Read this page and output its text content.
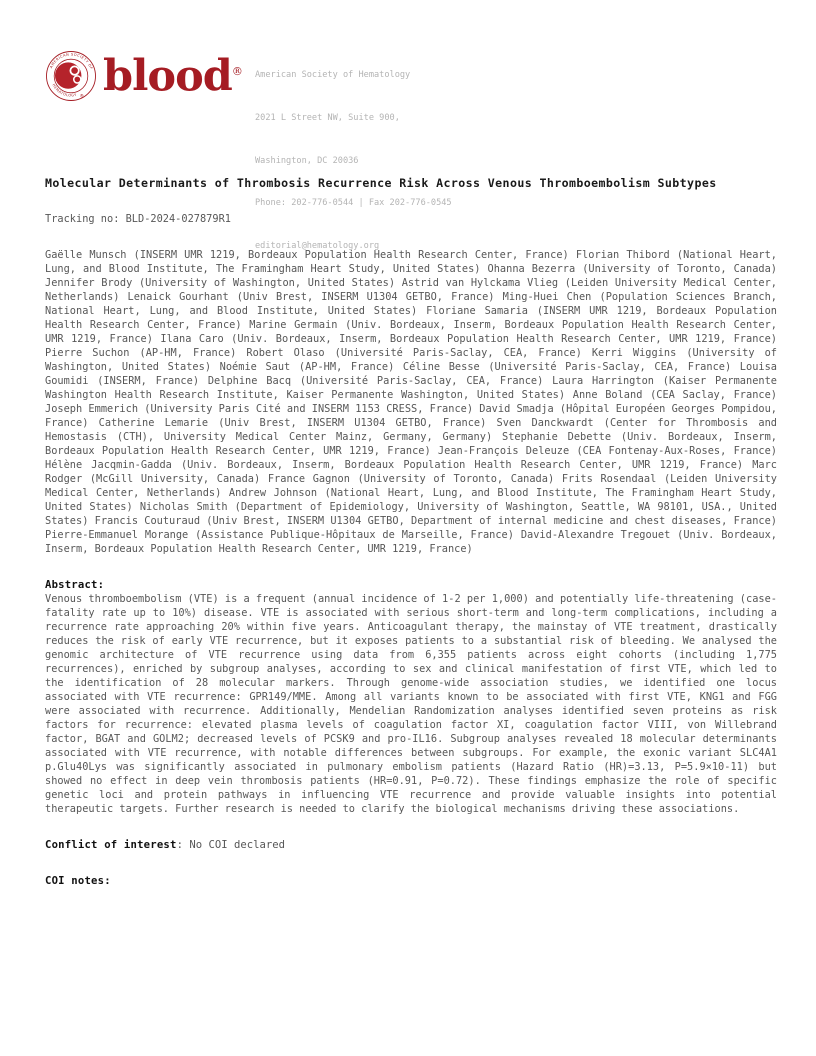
AMERICAN SOCIETY OF
HEMATOLOGY ® blood®

American Society of Hematology

2021 L Street NW, Suite 900,

Washington, DC 20036

Phone: 202-776-0544 | Fax 202-776-0545

editorial@hematology.org

Molecular Determinants of Thrombosis Recurrence Risk Across Venous Thromboembolism Subtypes
Tracking no: BLD-2024-027879R1
Gaëlle Munsch (INSERM UMR 1219, Bordeaux Population Health Research Center, France) Florian Thibord (National Heart, Lung, and Blood Institute, The Framingham Heart Study, United States) Ohanna Bezerra (University of Toronto, Canada) Jennifer Brody (University of Washington, United States) Astrid van Hylckama Vlieg (Leiden University Medical Center, Netherlands) Lenaick Gourhant (Univ Brest, INSERM U1304 GETBO, France) Ming-Huei Chen (Population Sciences Branch, National Heart, Lung, and Blood Institute, United States) Floriane Samaria (INSERM UMR 1219, Bordeaux Population Health Research Center, France) Marine Germain (Univ. Bordeaux, Inserm, Bordeaux Population Health Research Center, UMR 1219, France) Ilana Caro (Univ. Bordeaux, Inserm, Bordeaux Population Health Research Center, UMR 1219, France) Pierre Suchon (AP-HM, France) Robert Olaso (Université Paris-Saclay, CEA, France) Kerri Wiggins (University of Washington, United States) Noémie Saut (AP-HM, France) Céline Besse (Université Paris-Saclay, CEA, France) Louisa Goumidi (INSERM, France) Delphine Bacq (Université Paris-Saclay, CEA, France) Laura Harrington (Kaiser Permanente Washington Health Research Institute, Kaiser Permanente Washington, United States) Anne Boland (CEA Saclay, France) Joseph Emmerich (University Paris Cité and INSERM 1153 CRESS, France) David Smadja (Hôpital Européen Georges Pompidou, France) Catherine Lemarie (Univ Brest, INSERM U1304 GETBO, France) Sven Danckwardt (Center for Thrombosis and Hemostasis (CTH), University Medical Center Mainz, Germany, Germany) Stephanie Debette (Univ. Bordeaux, Inserm, Bordeaux Population Health Research Center, UMR 1219, France) Jean-François Deleuze (CEA Fontenay-Aux-Roses, France) Hélène Jacqmin-Gadda (Univ. Bordeaux, Inserm, Bordeaux Population Health Research Center, UMR 1219, France) Marc Rodger (McGill University, Canada) France Gagnon (University of Toronto, Canada) Frits Rosendaal (Leiden University Medical Center, Netherlands) Andrew Johnson (National Heart, Lung, and Blood Institute, The Framingham Heart Study, United States) Nicholas Smith (Department of Epidemiology, University of Washington, Seattle, WA 98101, USA., United States) Francis Couturaud (Univ Brest, INSERM U1304 GETBO, Department of internal medicine and chest diseases, France) Pierre-Emmanuel Morange (Assistance Publique-Hôpitaux de Marseille, France) David-Alexandre Tregouet (Univ. Bordeaux, Inserm, Bordeaux Population Health Research Center, UMR 1219, France)
Abstract:
Venous thromboembolism (VTE) is a frequent (annual incidence of 1-2 per 1,000) and potentially life-threatening (case-fatality rate up to 10%) disease. VTE is associated with serious short-term and long-term complications, including a recurrence rate approaching 20% within five years. Anticoagulant therapy, the mainstay of VTE treatment, drastically reduces the risk of early VTE recurrence, but it exposes patients to a substantial risk of bleeding. We analysed the genomic architecture of VTE recurrence using data from 6,355 patients across eight cohorts (including 1,775 recurrences), enriched by subgroup analyses, according to sex and clinical manifestation of first VTE, which led to the identification of 28 molecular markers. Through genome-wide association studies, we identified one locus associated with VTE recurrence: GPR149/MME. Among all variants known to be associated with first VTE, KNG1 and FGG were associated with recurrence. Additionally, Mendelian Randomization analyses identified seven proteins as risk factors for recurrence: elevated plasma levels of coagulation factor XI, coagulation factor VIII, von Willebrand factor, BGAT and GOLM2; decreased levels of PCSK9 and pro-IL16. Subgroup analyses revealed 18 molecular determinants associated with VTE recurrence, with notable differences between subgroups. For example, the exonic variant SLC4A1 p.Glu40Lys was significantly associated in pulmonary embolism patients (Hazard Ratio (HR)=3.13, P=5.9×10-11) but showed no effect in deep vein thrombosis patients (HR=0.91, P=0.72). These findings emphasize the role of specific genetic loci and protein pathways in influencing VTE recurrence and provide valuable insights into potential therapeutic targets. Further research is needed to clarify the biological mechanisms driving these associations.
Conflict of interest: No COI declared
COI notes:
